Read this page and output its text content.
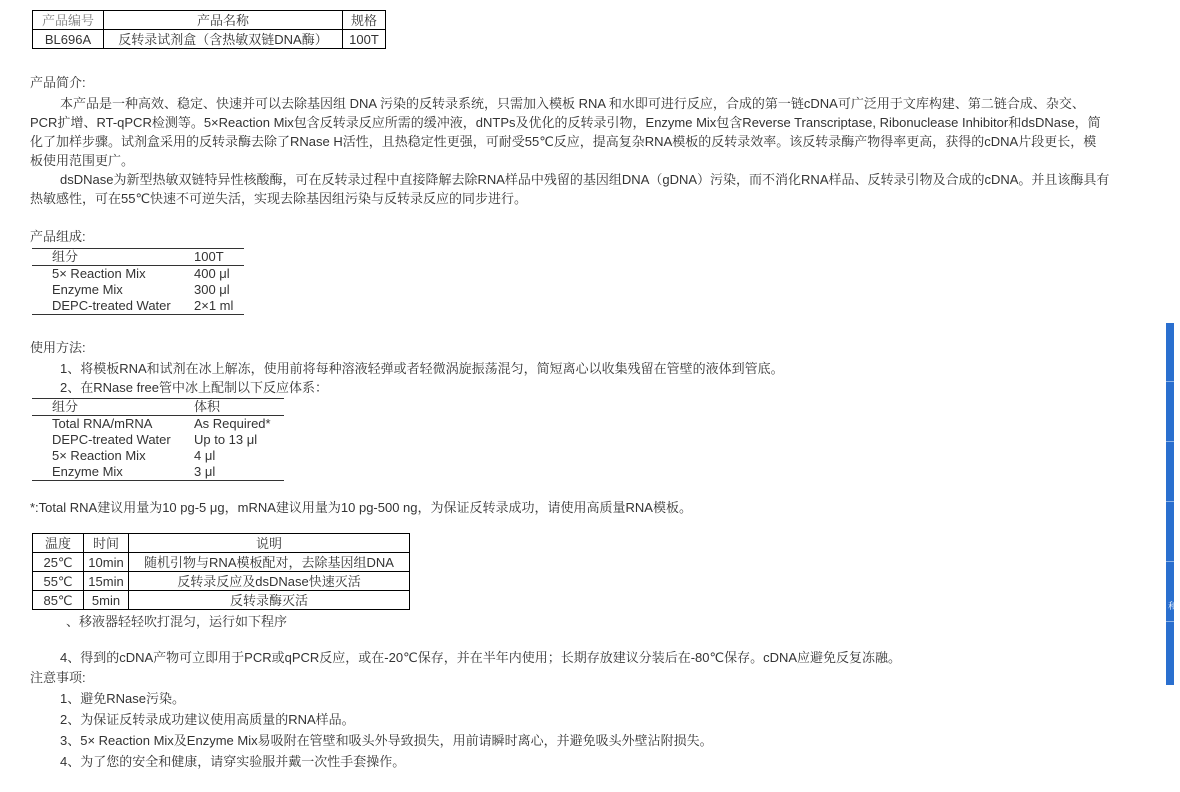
产品编号	产品名称	规格
BL696A	反转录试剂盒（含热敏双链DNA酶）	100T
产品简介:
本产品是一种高效、稳定、快速并可以去除基因组 DNA 污染的反转录系统，只需加入模板 RNA 和水即可进行反应，合成的第一链cDNA可广泛用于文库构建、第二链合成、杂交、
PCR扩增、RT-qPCR检测等。5×Reaction Mix包含反转录反应所需的缓冲液，dNTPs及优化的反转录引物，Enzyme Mix包含Reverse Transcriptase, Ribonuclease Inhibitor和dsDNase，简
化了加样步骤。试剂盒采用的反转录酶去除了RNase H活性，且热稳定性更强，可耐受55℃反应，提高复杂RNA模板的反转录效率。该反转录酶产物得率更高，获得的cDNA片段更长，模
板使用范围更广。
dsDNase为新型热敏双链特异性核酸酶，可在反转录过程中直接降解去除RNA样品中残留的基因组DNA（gDNA）污染，而不消化RNA样品、反转录引物及合成的cDNA。并且该酶具有
热敏感性，可在55℃快速不可逆失活，实现去除基因组污染与反转录反应的同步进行。
产品组成:
组分	100T
5× Reaction Mix	400 μl
Enzyme Mix	300 μl
DEPC-treated Water	2×1 ml
使用方法:
1、将模板RNA和试剂在冰上解冻，使用前将每种溶液轻弹或者轻微涡旋振荡混匀，简短离心以收集残留在管壁的液体到管底。
2、在RNase free管中冰上配制以下反应体系：
组分	体积
Total RNA/mRNA	As Required*
DEPC-treated Water	Up to 13 μl
5× Reaction Mix	4 μl
Enzyme Mix	3 μl
*:Total RNA建议用量为10 pg-5 μg，mRNA建议用量为10 pg-500 ng，为保证反转录成功，请使用高质量RNA模板。
温度	时间	说明
25℃	10min	随机引物与RNA模板配对，去除基因组DNA
55℃	15min	反转录反应及dsDNase快速灭活
85℃	5min	反转录酶灭活
、移液器轻轻吹打混匀，运行如下程序
4、得到的cDNA产物可立即用于PCR或qPCR反应，或在-20℃保存，并在半年内使用；长期存放建议分装后在-80℃保存。cDNA应避免反复冻融。
注意事项:
1、避免RNase污染。
2、为保证反转录成功建议使用高质量的RNA样品。
3、5× Reaction Mix及Enzyme Mix易吸附在管壁和吸头外导致损失，用前请瞬时离心，并避免吸头外壁沾附损失。
4、为了您的安全和健康，请穿实验服并戴一次性手套操作。
和
